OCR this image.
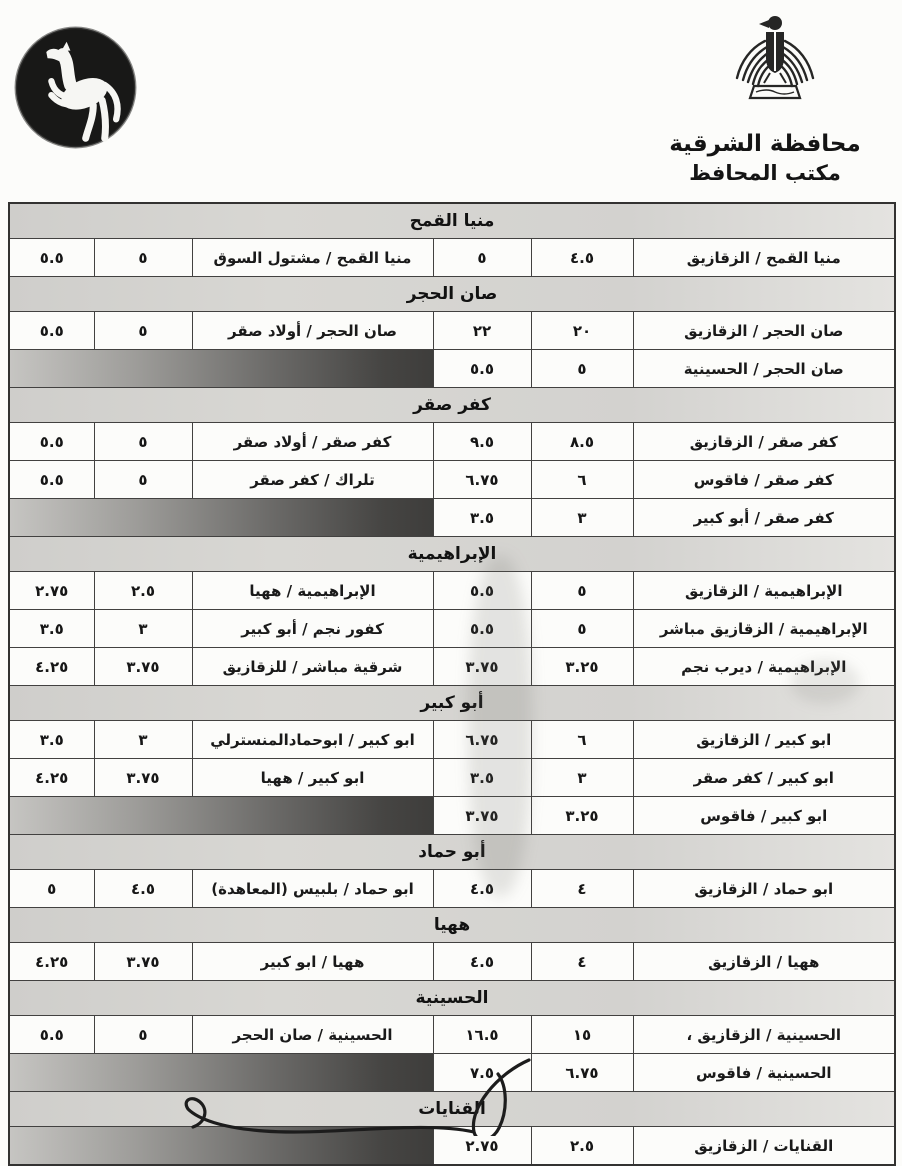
محافظة الشرقية
مكتب المحافظ
منيا القمح					
منيا القمح / الزقازيق	٤.٥	٥	منيا القمح / مشتول السوق	٥	٥.٥
صان الحجر					
صان الحجر / الزقازيق	٢٠	٢٢	صان الحجر / أولاد صقر	٥	٥.٥
صان الحجر / الحسينية	٥	٥.٥			
كفر صقر					
كفر صقر / الزقازيق	٨.٥	٩.٥	كفر صقر / أولاد صقر	٥	٥.٥
كفر صقر / فاقوس	٦	٦.٧٥	تلراك / كفر صقر	٥	٥.٥
كفر صقر / أبو كبير	٣	٣.٥			
الإبراهيمية					
الإبراهيمية / الزقازيق	٥	٥.٥	الإبراهيمية / ههيا	٢.٥	٢.٧٥
الإبراهيمية / الزقازيق مباشر	٥	٥.٥	كفور نجم / أبو كبير	٣	٣.٥
الإبراهيمية / ديرب نجم	٣.٢٥	٣.٧٥	شرقية مباشر / للزقازيق	٣.٧٥	٤.٢٥
أبو كبير					
ابو كبير / الزقازيق	٦	٦.٧٥	ابو كبير / ابوحمادالمنسترلي	٣	٣.٥
ابو كبير / كفر صقر	٣	٣.٥	ابو كبير / ههيا	٣.٧٥	٤.٢٥
ابو كبير / فاقوس	٣.٢٥	٣.٧٥			
أبو حماد					
ابو حماد / الزقازيق	٤	٤.٥	ابو حماد / بلبيس (المعاهدة)	٤.٥	٥
ههيا					
ههيا / الزقازيق	٤	٤.٥	ههيا / ابو كبير	٣.٧٥	٤.٢٥
الحسينية					
الحسينية / الزقازيق ،	١٥	١٦.٥	الحسينية / صان الحجر	٥	٥.٥
الحسينية / فاقوس	٦.٧٥	٧.٥			
القنايات					
القنايات / الزقازيق	٢.٥	٢.٧٥			
